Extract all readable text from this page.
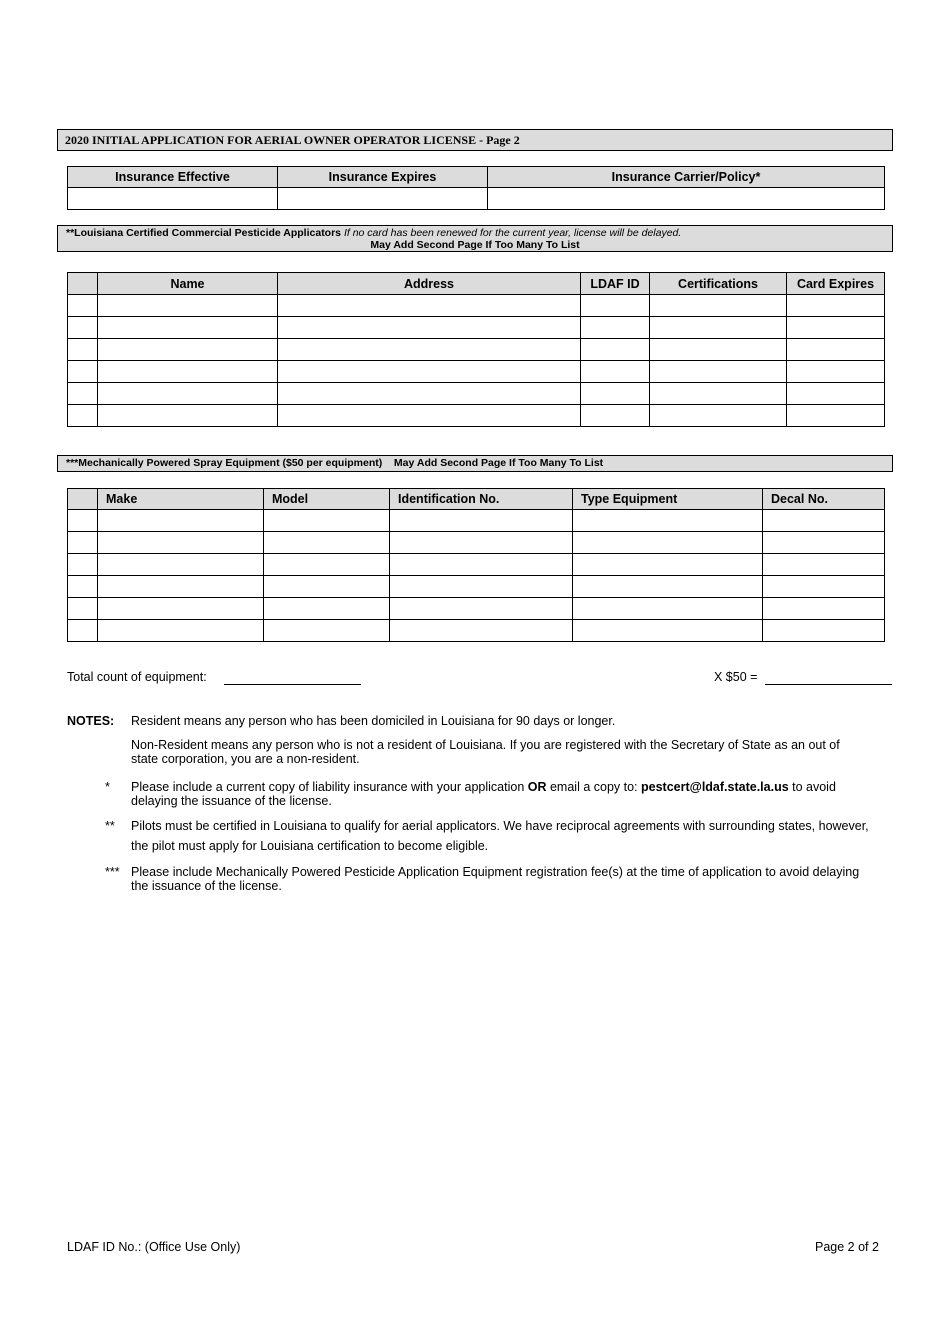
2020 INITIAL APPLICATION FOR AERIAL OWNER OPERATOR LICENSE - Page 2
Insurance Effective	Insurance Expires	Insurance Carrier/Policy*

**Louisiana Certified Commercial Pesticide Applicators If no card has been renewed for the current year, license will be delayed.
May Add Second Page If Too Many To List
	Name	Address	LDAF ID	Certifications	Card Expires

***Mechanically Powered Spray Equipment ($50 per equipment)    May Add Second Page If Too Many To List
	Make	Model	Identification No.	Type Equipment	Decal No.

Total count of equipment:	X $50 =
NOTES: Resident means any person who has been domiciled in Louisiana for 90 days or longer.
Non-Resident means any person who is not a resident of Louisiana. If you are registered with the Secretary of State as an out of
state corporation, you are a non-resident.
* Please include a current copy of liability insurance with your application OR email a copy to: pestcert@ldaf.state.la.us to avoid
delaying the issuance of the license.
** Pilots must be certified in Louisiana to qualify for aerial applicators. We have reciprocal agreements with surrounding states, however,
the pilot must apply for Louisiana certification to become eligible.
*** Please include Mechanically Powered Pesticide Application Equipment registration fee(s) at the time of application to avoid delaying
the issuance of the license.
LDAF ID No.: (Office Use Only)	Page 2 of 2
